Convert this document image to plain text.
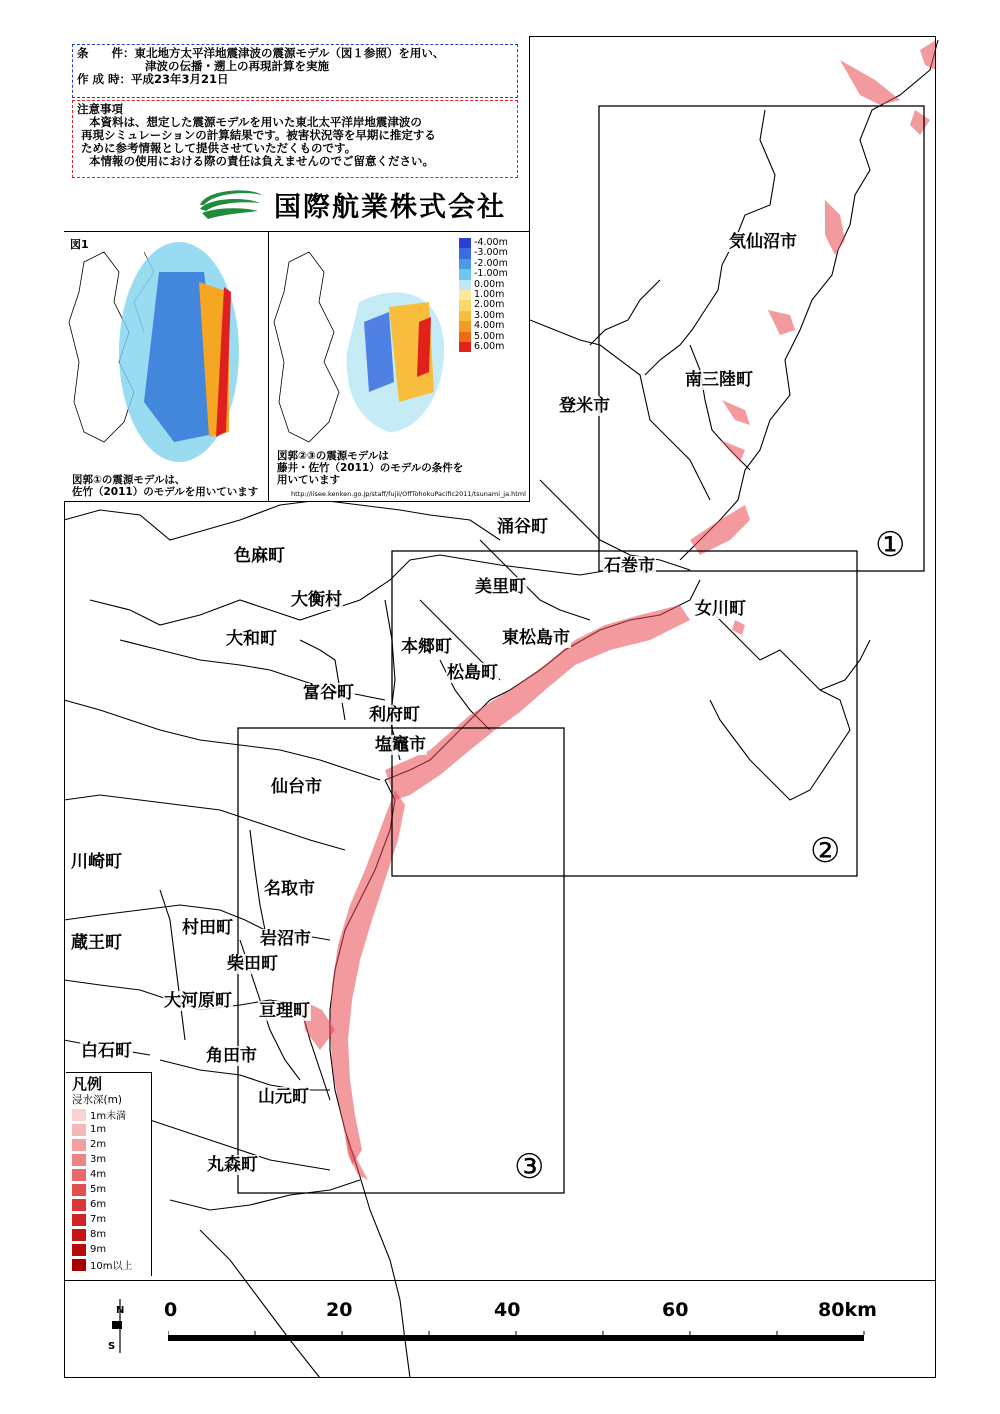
①
②
③
気仙沼市
南三陸町
登米市
涌谷町
石巻市
色麻町
美里町
大衡村	女川町
大和町	東松島市
本郷町
松島町
富谷町
利府町
塩竈市
仙台市
川崎町
名取市
村田町
岩沼市
蔵王町
柴田町
大河原町 亘理町
白石町	角田市
山元町
丸森町
条　　件：東北地方太平洋地震津波の震源モデル（図１参照）を用い、
津波の伝播・遡上の再現計算を実施
作 成 時：平成23年3月21日
注意事項
本資料は、想定した震源モデルを用いた東北太平洋岸地震津波の
再現シミュレーションの計算結果です。被害状況等を早期に推定する
ために参考情報として提供させていただくものです。
本情報の使用における際の責任は負えませんのでご留意ください。
国際航業株式会社
図1
図郭①の震源モデルは、
佐竹（2011）のモデルを用いています
-4.00m
-3.00m
-2.00m
-1.00m
0.00m
1.00m
2.00m
3.00m
4.00m
5.00m
6.00m
図郭②③の震源モデルは
藤井・佐竹（2011）のモデルの条件を
用いています
http://iisee.kenken.go.jp/staff/fujii/OffTohokuPacific2011/tsunami_ja.html
凡例
浸水深(m)
1m未満
1m
2m
3m
4m
5m
6m
7m
8m
9m
10m以上
N
S
0	20	40	60	80km
